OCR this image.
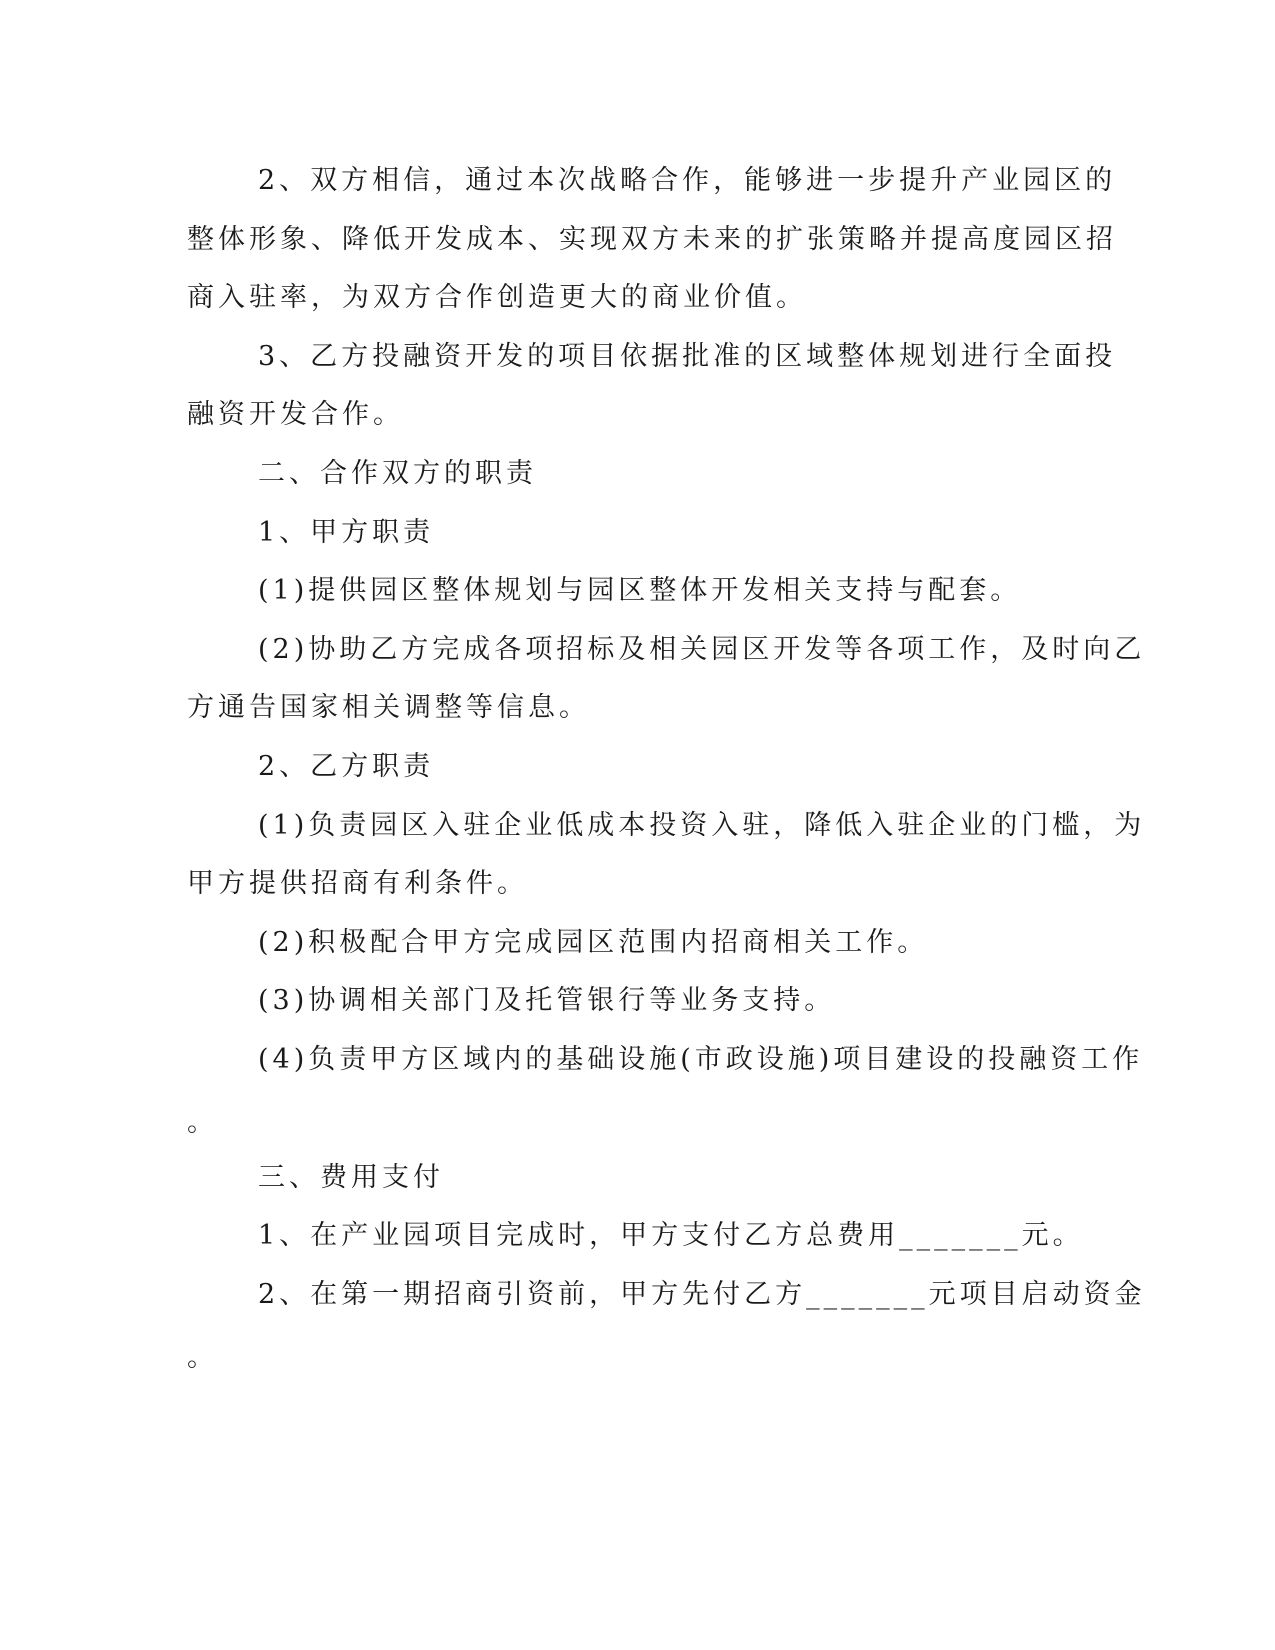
2、双方相信，通过本次战略合作，能够进一步提升产业园区的

整体形象、降低开发成本、实现双方未来的扩张策略并提高度园区招

商入驻率，为双方合作创造更大的商业价值。

3、乙方投融资开发的项目依据批准的区域整体规划进行全面投

融资开发合作。

二、合作双方的职责

1、甲方职责

(1)提供园区整体规划与园区整体开发相关支持与配套。

(2)协助乙方完成各项招标及相关园区开发等各项工作，及时向乙

方通告国家相关调整等信息。

2、乙方职责

(1)负责园区入驻企业低成本投资入驻，降低入驻企业的门槛，为

甲方提供招商有利条件。

(2)积极配合甲方完成园区范围内招商相关工作。

(3)协调相关部门及托管银行等业务支持。

(4)负责甲方区域内的基础设施(市政设施)项目建设的投融资工作

。

三、费用支付

1、在产业园项目完成时，甲方支付乙方总费用_______元。

2、在第一期招商引资前，甲方先付乙方_______元项目启动资金

。
